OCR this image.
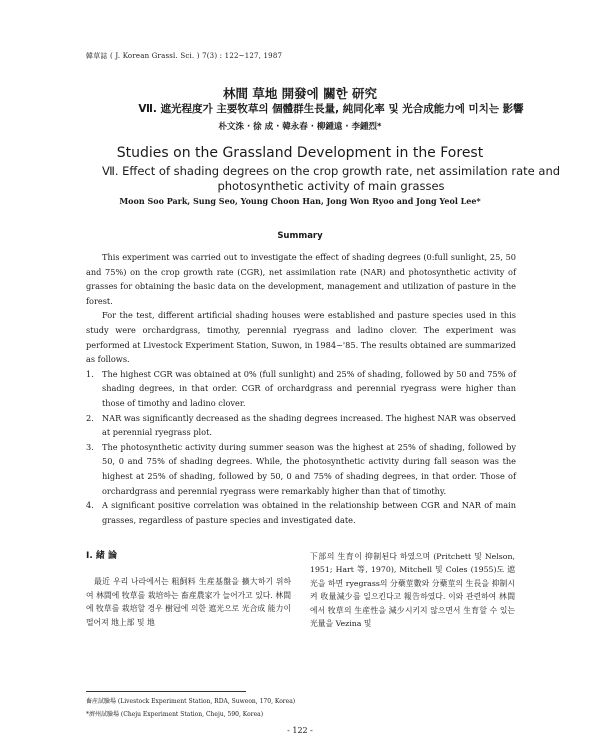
韓草誌 ( J. Korean Grassl. Sci. ) 7(3) : 122~127, 1987
林間 草地 開發에 關한 研究
Ⅶ. 遮光程度가 主要牧草의 個體群生長量, 純同化率 및 光合成能力에 미치는 影響
朴文洙 · 徐 成 · 韓永春 · 柳鍾遠 · 李鍾烈*
Studies on the Grassland Development in the Forest
Ⅶ. Effect of shading degrees on the crop growth rate, net assimilation rate and photosynthetic activity of main grasses
Moon Soo Park, Sung Seo, Young Choon Han, Jong Won Ryoo and Jong Yeol Lee*
Summary

This experiment was carried out to investigate the effect of shading degrees (0:full sunlight, 25, 50 and 75%) on the crop growth rate (CGR), net assimilation rate (NAR) and photosynthetic activity of grasses for obtaining the basic data on the development, management and utilization of pasture in the forest.

For the test, different artificial shading houses were established and pasture species used in this study were orchardgrass, timothy, perennial ryegrass and ladino clover. The experiment was performed at Livestock Experiment Station, Suwon, in 1984~'85. The results obtained are summarized as follows.

1. The highest CGR was obtained at 0% (full sunlight) and 25% of shading, followed by 50 and 75% of shading degrees, in that order. CGR of orchardgrass and perennial ryegrass were higher than those of timothy and ladino clover.
2. NAR was significantly decreased as the shading degrees increased. The highest NAR was observed at perennial ryegrass plot.
3. The photosynthetic activity during summer season was the highest at 25% of shading, followed by 50, 0 and 75% of shading degrees. While, the photosynthetic activity during fall season was the highest at 25% of shading, followed by 50, 0 and 75% of shading degrees, in that order. Those of orchardgrass and perennial ryegrass were remarkably higher than that of timothy.
4. A significant positive correlation was obtained in the relationship between CGR and NAR of main grasses, regardless of pasture species and investigated date.
Ⅰ. 緒 論
最近 우리 나라에서는 粗飼料 生産基盤을 擴大하기 위하여 林間에 牧草를 栽培하는 畜産農家가 늘어가고 있다. 林間에 牧草를 栽培할 경우 樹冠에 의한 遮光으로 光合成 能力이 떨어져 地上部 및 地
下部의 生育이 抑制된다 하였으며 (Pritchett 및 Nelson, 1951; Hart 等, 1970), Mitchell 및 Coles (1955)도 遮光을 하면 ryegrass의 分蘗莖數와 分蘗莖의 生長을 抑制시켜 收量減少를 일으킨다고 報告하였다. 이와 관련하여 林間에서 牧草의 生産性을 減少시키지 않으면서 生育할 수 있는 光量을 Vezina 및
畜産試驗場 (Livestock Experiment Station, RDA, Suweon, 170, Korea)
*濟州試驗場 (Cheju Experiment Station, Cheju, 590, Korea)
- 122 -
